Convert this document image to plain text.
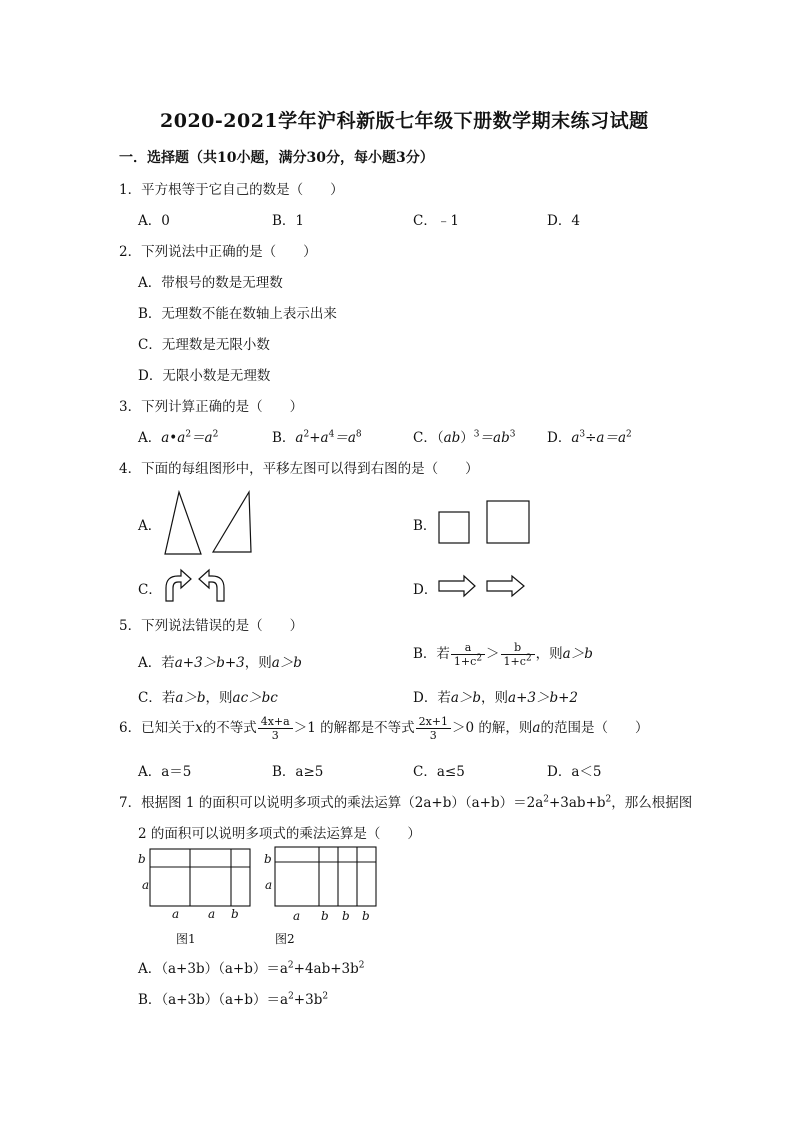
2020-2021学年沪科新版七年级下册数学期末练习试题
一．选择题（共10小题，满分30分，每小题3分）
1．平方根等于它自己的数是（　　）
A．0	B．1	C．﹣1	D．4
2．下列说法中正确的是（　　）
A．带根号的数是无理数
B．无理数不能在数轴上表示出来
C．无理数是无限小数
D．无限小数是无理数
3．下列计算正确的是（　　）
A．$a•a^2=a^2$	B．$a^2+a^4=a^8$	C．$(ab)^3=ab^3$ D．$a^3\div a=a^2$
4．下面的每组图形中，平移左图可以得到右图的是（　　）
A．	B．
C．	D．
5．下列说法错误的是（　　）
A．若a+3＞b+3，则a＞b
B．若 $\frac{a}{1+c^2} > \frac{b}{1+c^2}$ ，则a＞b
C．若a＞b，则ac＞bc	D．若a＞b，则a+3＞b+2
6．已知关于x的不等式 $\frac{4x+a}{3} >1$ 的解都是不等式 $\frac{2x+1}{3} >0$ 的解，则a的范围是（　　）
A．a＝5	B．a≥5	C．a≤5	D．a＜5
7．根据图 1 的面积可以说明多项式的乘法运算$(2a+b)(a+b)=2a^2+3ab+b^2$，那么根据图
2 的面积可以说明多项式的乘法运算是（　　）
b
a
a a b
图1
b
a
a b b b
图2
A．$(a+3b)(a+b)=a^2+4ab+3b^2$
B．$(a+3b)(a+b)=a^2+3b^2$
